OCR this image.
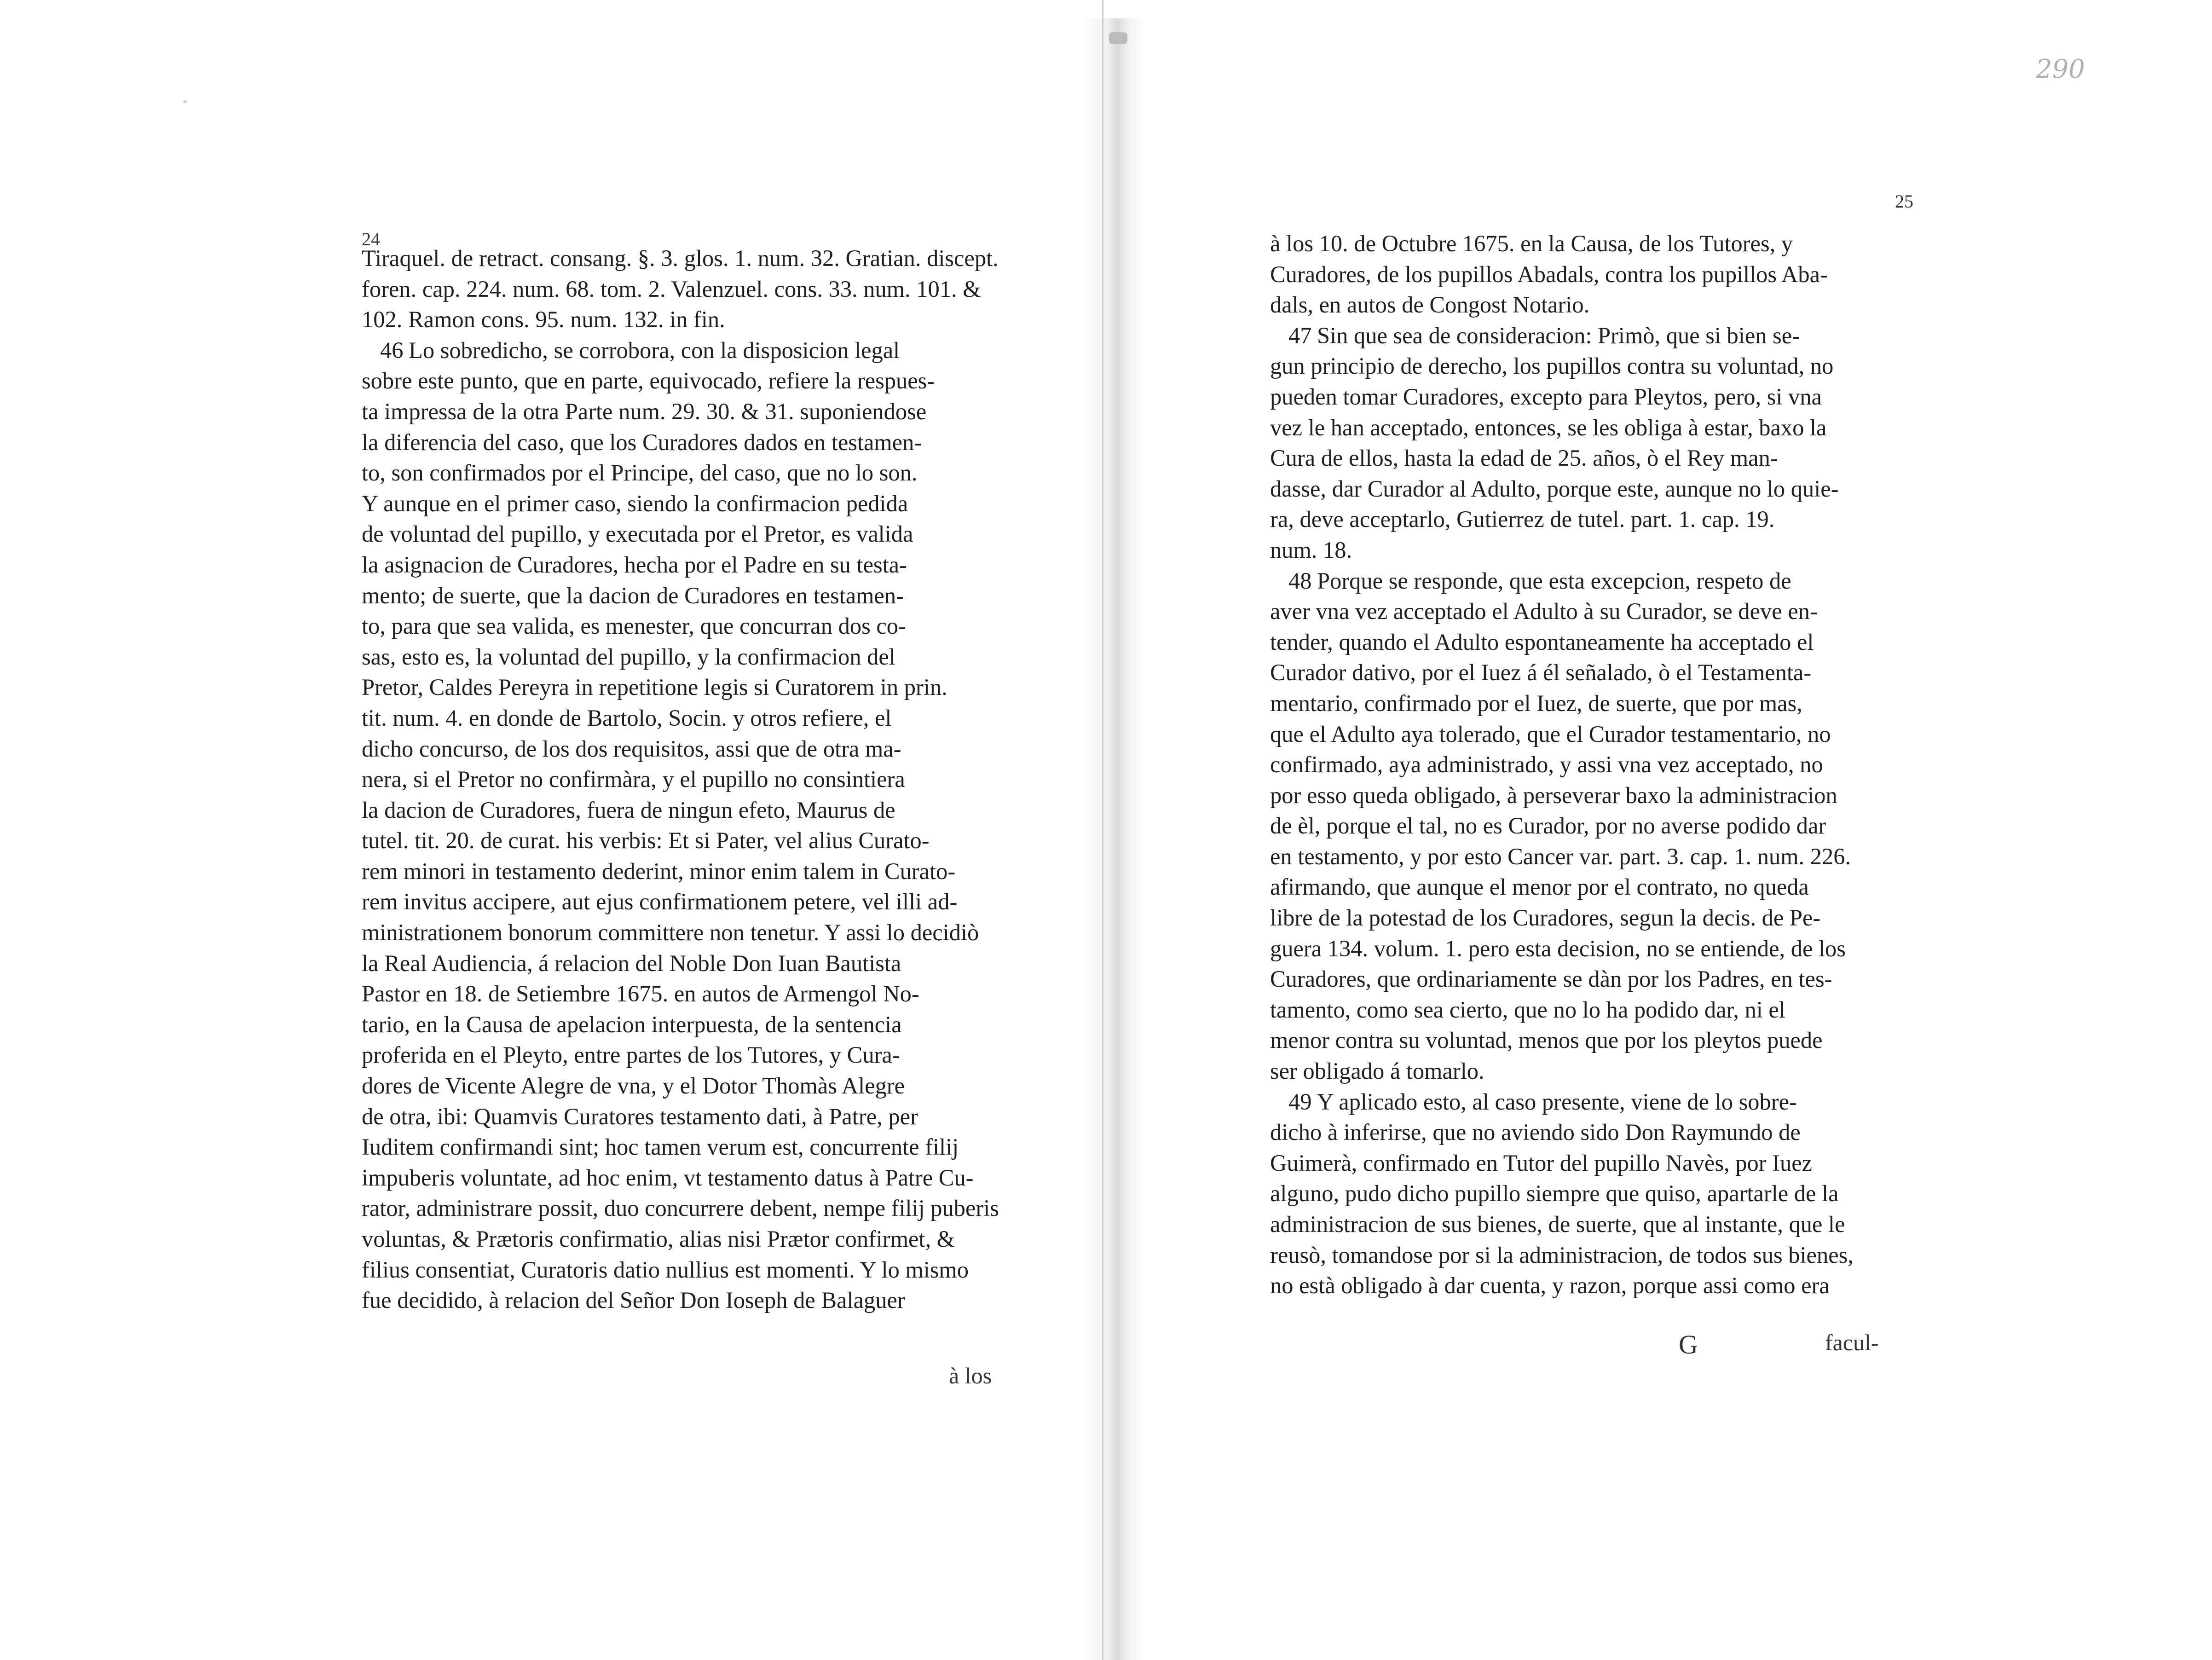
24
25
290
Tiraquel. de retract. consang. §. 3. glos. 1. num. 32. Gratian. discept.
foren. cap. 224. num. 68. tom. 2. Valenzuel. cons. 33. num. 101. &
102. Ramon cons. 95. num. 132. in fin.
46 Lo sobredicho, se corrobora, con la disposicion legal
sobre este punto, que en parte, equivocado, refiere la respues-
ta impressa de la otra Parte num. 29. 30. & 31. suponiendose
la diferencia del caso, que los Curadores dados en testamen-
to, son confirmados por el Principe, del caso, que no lo son.
Y aunque en el primer caso, siendo la confirmacion pedida
de voluntad del pupillo, y executada por el Pretor, es valida
la asignacion de Curadores, hecha por el Padre en su testa-
mento; de suerte, que la dacion de Curadores en testamen-
to, para que sea valida, es menester, que concurran dos co-
sas, esto es, la voluntad del pupillo, y la confirmacion del
Pretor, Caldes Pereyra in repetitione legis si Curatorem in prin.
tit. num. 4. en donde de Bartolo, Socin. y otros refiere, el
dicho concurso, de los dos requisitos, assi que de otra ma-
nera, si el Pretor no confirmàra, y el pupillo no consintiera
la dacion de Curadores, fuera de ningun efeto, Maurus de
tutel. tit. 20. de curat. his verbis: Et si Pater, vel alius Curato-
rem minori in testamento dederint, minor enim talem in Curato-
rem invitus accipere, aut ejus confirmationem petere, vel illi ad-
ministrationem bonorum committere non tenetur. Y assi lo decidiò
la Real Audiencia, á relacion del Noble Don Iuan Bautista
Pastor en 18. de Setiembre 1675. en autos de Armengol No-
tario, en la Causa de apelacion interpuesta, de la sentencia
proferida en el Pleyto, entre partes de los Tutores, y Cura-
dores de Vicente Alegre de vna, y el Dotor Thomàs Alegre
de otra, ibi: Quamvis Curatores testamento dati, à Patre, per
Iuditem confirmandi sint; hoc tamen verum est, concurrente filij
impuberis voluntate, ad hoc enim, vt testamento datus à Patre Cu-
rator, administrare possit, duo concurrere debent, nempe filij puberis
voluntas, & Prætoris confirmatio, alias nisi Prætor confirmet, &
filius consentiat, Curatoris datio nullius est momenti. Y lo mismo
fue decidido, à relacion del Señor Don Ioseph de Balaguer
à los 10. de Octubre 1675. en la Causa, de los Tutores, y
Curadores, de los pupillos Abadals, contra los pupillos Aba-
dals, en autos de Congost Notario.
47 Sin que sea de consideracion: Primò, que si bien se-
gun principio de derecho, los pupillos contra su voluntad, no
pueden tomar Curadores, excepto para Pleytos, pero, si vna
vez le han acceptado, entonces, se les obliga à estar, baxo la
Cura de ellos, hasta la edad de 25. años, ò el Rey man-
dasse, dar Curador al Adulto, porque este, aunque no lo quie-
ra, deve acceptarlo, Gutierrez de tutel. part. 1. cap. 19.
num. 18.
48 Porque se responde, que esta excepcion, respeto de
aver vna vez acceptado el Adulto à su Curador, se deve en-
tender, quando el Adulto espontaneamente ha acceptado el
Curador dativo, por el Iuez á él señalado, ò el Testamenta-
mentario, confirmado por el Iuez, de suerte, que por mas,
que el Adulto aya tolerado, que el Curador testamentario, no
confirmado, aya administrado, y assi vna vez acceptado, no
por esso queda obligado, à perseverar baxo la administracion
de èl, porque el tal, no es Curador, por no averse podido dar
en testamento, y por esto Cancer var. part. 3. cap. 1. num. 226.
afirmando, que aunque el menor por el contrato, no queda
libre de la potestad de los Curadores, segun la decis. de Pe-
guera 134. volum. 1. pero esta decision, no se entiende, de los
Curadores, que ordinariamente se dàn por los Padres, en tes-
tamento, como sea cierto, que no lo ha podido dar, ni el
menor contra su voluntad, menos que por los pleytos puede
ser obligado á tomarlo.
49 Y aplicado esto, al caso presente, viene de lo sobre-
dicho à inferirse, que no aviendo sido Don Raymundo de
Guimerà, confirmado en Tutor del pupillo Navès, por Iuez
alguno, pudo dicho pupillo siempre que quiso, apartarle de la
administracion de sus bienes, de suerte, que al instante, que le
reusò, tomandose por si la administracion, de todos sus bienes,
no està obligado à dar cuenta, y razon, porque assi como era
à los
G	facul-
